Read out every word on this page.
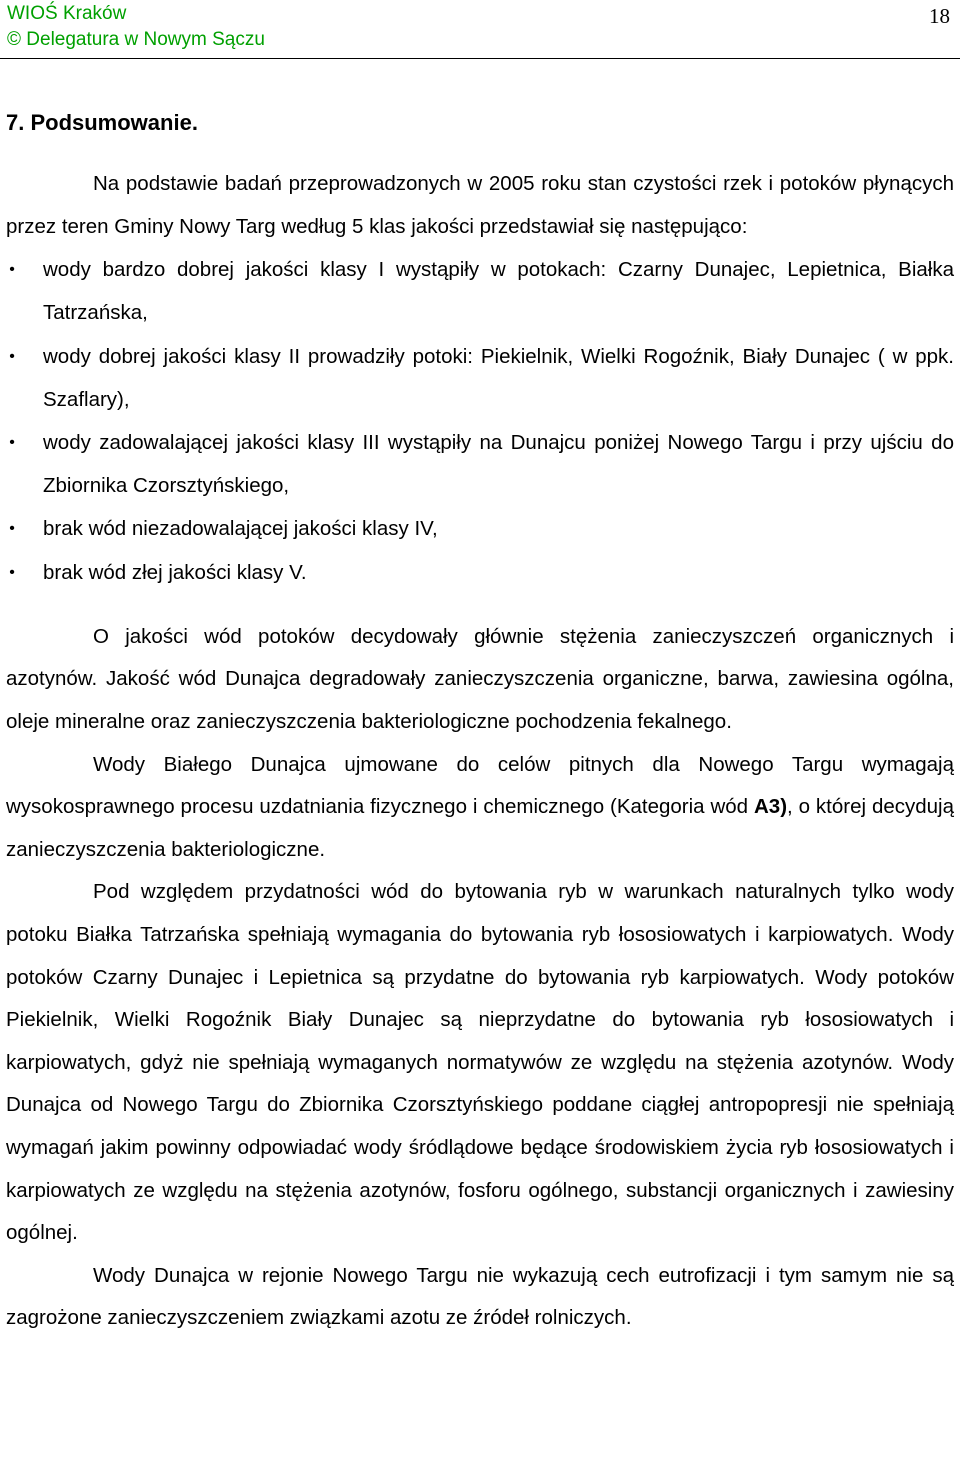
WIOŚ Kraków
© Delegatura w Nowym Sączu
18
7. Podsumowanie.

Na podstawie badań przeprowadzonych w 2005 roku stan czystości rzek i potoków płynących przez teren Gminy Nowy Targ według 5 klas jakości przedstawiał się następująco:

• wody bardzo dobrej jakości klasy I wystąpiły w potokach: Czarny Dunajec, Lepietnica, Białka Tatrzańska,
• wody dobrej jakości klasy II prowadziły potoki: Piekielnik, Wielki Rogoźnik, Biały Dunajec ( w ppk. Szaflary),
• wody zadowalającej jakości klasy III wystąpiły na Dunajcu poniżej Nowego Targu i przy ujściu do Zbiornika Czorsztyńskiego,
• brak wód niezadowalającej jakości klasy IV,
• brak wód złej jakości klasy V.

O jakości wód potoków decydowały głównie stężenia zanieczyszczeń organicznych i azotynów. Jakość wód Dunajca degradowały zanieczyszczenia organiczne, barwa, zawiesina ogólna, oleje mineralne oraz zanieczyszczenia bakteriologiczne pochodzenia fekalnego.

Wody Białego Dunajca ujmowane do celów pitnych dla Nowego Targu wymagają wysokosprawnego procesu uzdatniania fizycznego i chemicznego (Kategoria wód A3), o której decydują zanieczyszczenia bakteriologiczne.

Pod względem przydatności wód do bytowania ryb w warunkach naturalnych tylko wody potoku Białka Tatrzańska spełniają wymagania do bytowania ryb łososiowatych i karpiowatych. Wody potoków Czarny Dunajec i Lepietnica są przydatne do bytowania ryb karpiowatych. Wody potoków Piekielnik, Wielki Rogoźnik Biały Dunajec są nieprzydatne do bytowania ryb łososiowatych i karpiowatych, gdyż nie spełniają wymaganych normatywów ze względu na stężenia azotynów. Wody Dunajca od Nowego Targu do Zbiornika Czorsztyńskiego poddane ciągłej antropopresji nie spełniają wymagań jakim powinny odpowiadać wody śródlądowe będące środowiskiem życia ryb łososiowatych i karpiowatych ze względu na stężenia azotynów, fosforu ogólnego, substancji organicznych i zawiesiny ogólnej.

Wody Dunajca w rejonie Nowego Targu nie wykazują cech eutrofizacji i tym samym nie są zagrożone zanieczyszczeniem związkami azotu ze źródeł rolniczych.
